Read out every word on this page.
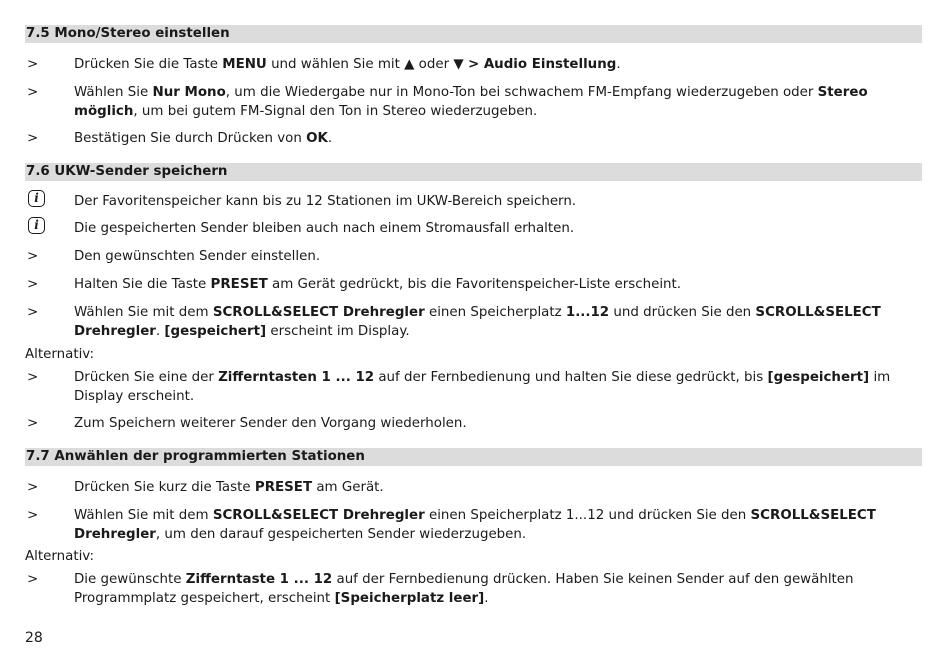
7.5 Mono/Stereo einstellen
>	Drücken Sie die Taste MENU und wählen Sie mit ▲ oder ▼ > Audio Einstellung.
>	Wählen Sie Nur Mono, um die Wiedergabe nur in Mono-Ton bei schwachem FM-Empfang wiederzugeben oder Stereo möglich, um bei gutem FM-Signal den Ton in Stereo wiederzugeben.
>	Bestätigen Sie durch Drücken von OK.
7.6 UKW-Sender speichern
i	Der Favoritenspeicher kann bis zu 12 Stationen im UKW-Bereich speichern.
i	Die gespeicherten Sender bleiben auch nach einem Stromausfall erhalten.
>	Den gewünschten Sender einstellen.
>	Halten Sie die Taste PRESET am Gerät gedrückt, bis die Favoritenspeicher-Liste erscheint.
>	Wählen Sie mit dem SCROLL&SELECT Drehregler einen Speicherplatz 1...12 und drücken Sie den SCROLL&SELECT Drehregler. [gespeichert] erscheint im Display.
Alternativ:
>	Drücken Sie eine der Zifferntasten 1 ... 12 auf der Fernbedienung und halten Sie diese gedrückt, bis [gespeichert] im Display erscheint.
>	Zum Speichern weiterer Sender den Vorgang wiederholen.
7.7 Anwählen der programmierten Stationen
>	Drücken Sie kurz die Taste PRESET am Gerät.
>	Wählen Sie mit dem SCROLL&SELECT Drehregler einen Speicherplatz 1...12 und drücken Sie den SCROLL&SELECT Drehregler, um den darauf gespeicherten Sender wiederzugeben.
Alternativ:
>	Die gewünschte Zifferntaste 1 ... 12 auf der Fernbedienung drücken. Haben Sie keinen Sender auf den gewählten Programmplatz gespeichert, erscheint [Speicherplatz leer].
28
